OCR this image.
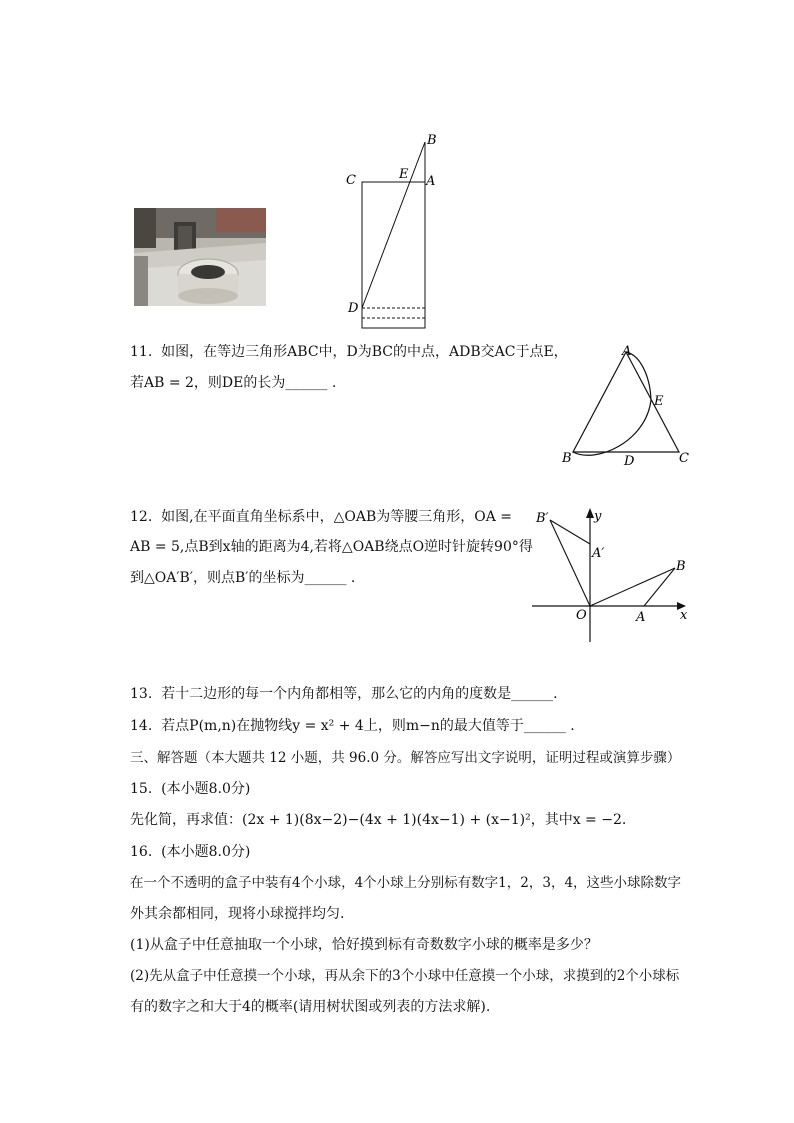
B
C	E A
D
11.  如图，在等边三角形ABC中，D为BC的中点，ADB交AC于点E，
若AB = 2，则DE的长为______ .
A
E
B	D	C
12.  如图,在平面直角坐标系中，△OAB为等腰三角形，OA =
AB = 5,点B到x轴的距离为4,若将△OAB绕点O逆时针旋转90°得
到△OA′B′，则点B′的坐标为______ .
B′	y
A′
B
O	A	x
13.  若十二边形的每一个内角都相等，那么它的内角的度数是______.
14.  若点P(m,n)在抛物线y = x² + 4上，则m−n的最大值等于______ .
三、解答题（本大题共 12 小题，共 96.0 分。解答应写出文字说明，证明过程或演算步骤）
15.  (本小题8.0分)
先化简，再求值：(2x + 1)(8x−2)−(4x + 1)(4x−1) + (x−1)²，其中x = −2.
16.  (本小题8.0分)
在一个不透明的盒子中装有4个小球，4个小球上分别标有数字1，2，3，4，这些小球除数字
外其余都相同，现将小球搅拌均匀.
(1)从盒子中任意抽取一个小球，恰好摸到标有奇数数字小球的概率是多少？
(2)先从盒子中任意摸一个小球，再从余下的3个小球中任意摸一个小球，求摸到的2个小球标
有的数字之和大于4的概率(请用树状图或列表的方法求解).
